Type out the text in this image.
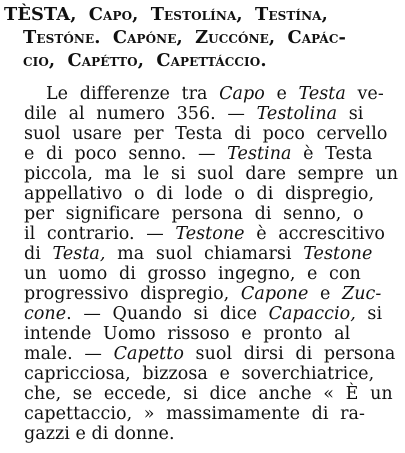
TÈSTA, Capo, Testolína, Testína,
Testóne. Capóne, Zuccóne, Capác-
cio, Capétto, Capettáccio.
Le differenze tra Capo e Testa ve-
dile al numero 356. — Testolina si
suol usare per Testa di poco cervello
e di poco senno. — Testina è Testa
piccola, ma le si suol dare sempre un
appellativo o di lode o di dispregio,
per significare persona di senno, o
il contrario. — Testone è accrescitivo
di Testa, ma suol chiamarsi Testone
un uomo di grosso ingegno, e con
progressivo dispregio, Capone e Zuc-
cone. — Quando si dice Capaccio, si
intende Uomo rissoso e pronto al
male. — Capetto suol dirsi di persona
capricciosa, bizzosa e soverchiatrice,
che, se eccede, si dice anche « È un
capettaccio, » massimamente di ra-
gazzi e di donne.
